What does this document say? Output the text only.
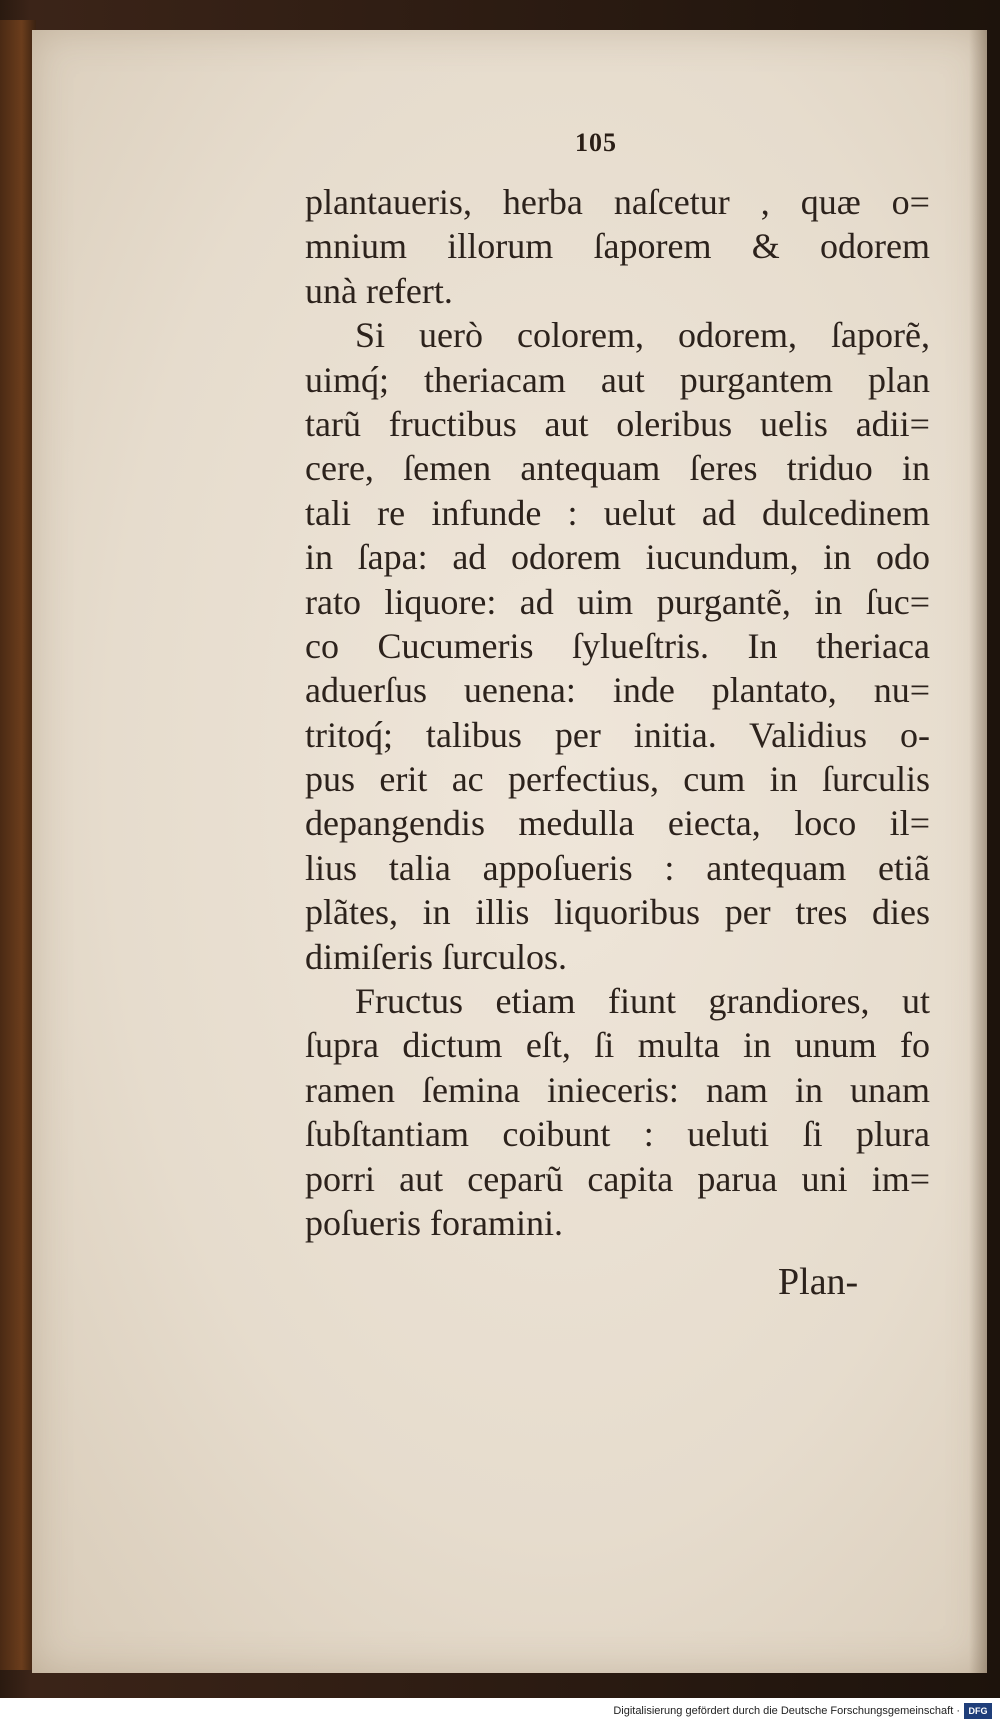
105
plantaueris, herba naſcetur , quæ o=
mnium illorum ſaporem & odorem
unà refert.
Si uerò colorem, odorem, ſaporẽ,
uimq́; theriacam aut purgantem plan
tarũ fructibus aut oleribus uelis adii=
cere, ſemen antequam ſeres triduo in
tali re infunde : uelut ad dulcedinem
in ſapa: ad odorem iucundum, in odo
rato liquore: ad uim purgantẽ, in ſuc=
co Cucumeris ſylueſtris. In theriaca
aduerſus uenena: inde plantato, nu=
tritoq́; talibus per initia. Validius o-
pus erit ac perfectius, cum in ſurculis
depangendis medulla eiecta, loco il=
lius talia appoſueris : antequam etiã
plãtes, in illis liquoribus per tres dies
dimiſeris ſurculos.
Fructus etiam fiunt grandiores, ut
ſupra dictum eſt, ſi multa in unum fo
ramen ſemina inieceris: nam in unam
ſubſtantiam coibunt : ueluti ſi plura
porri aut ceparũ capita parua uni im=
poſueris foramini.
Plan-
Digitalisierung gefördert durch die Deutsche Forschungsgemeinschaft · DFG
